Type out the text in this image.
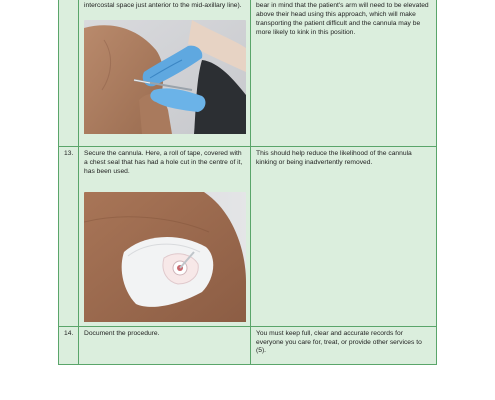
	intercostal space just anterior to the mid-axillary line).	bear in mind that the patient's arm will need to be elevated above their head using this approach, which will make transporting the patient difficult and the cannula may be more likely to kink in this position.

13.	Secure the cannula. Here, a roll of tape, covered with a chest seal that has had a hole cut in the centre of it, has been used.	This should help reduce the likelihood of the cannula kinking or being inadvertently removed.

14.	Document the procedure.	You must keep full, clear and accurate records for everyone you care for, treat, or provide other services to (5).
